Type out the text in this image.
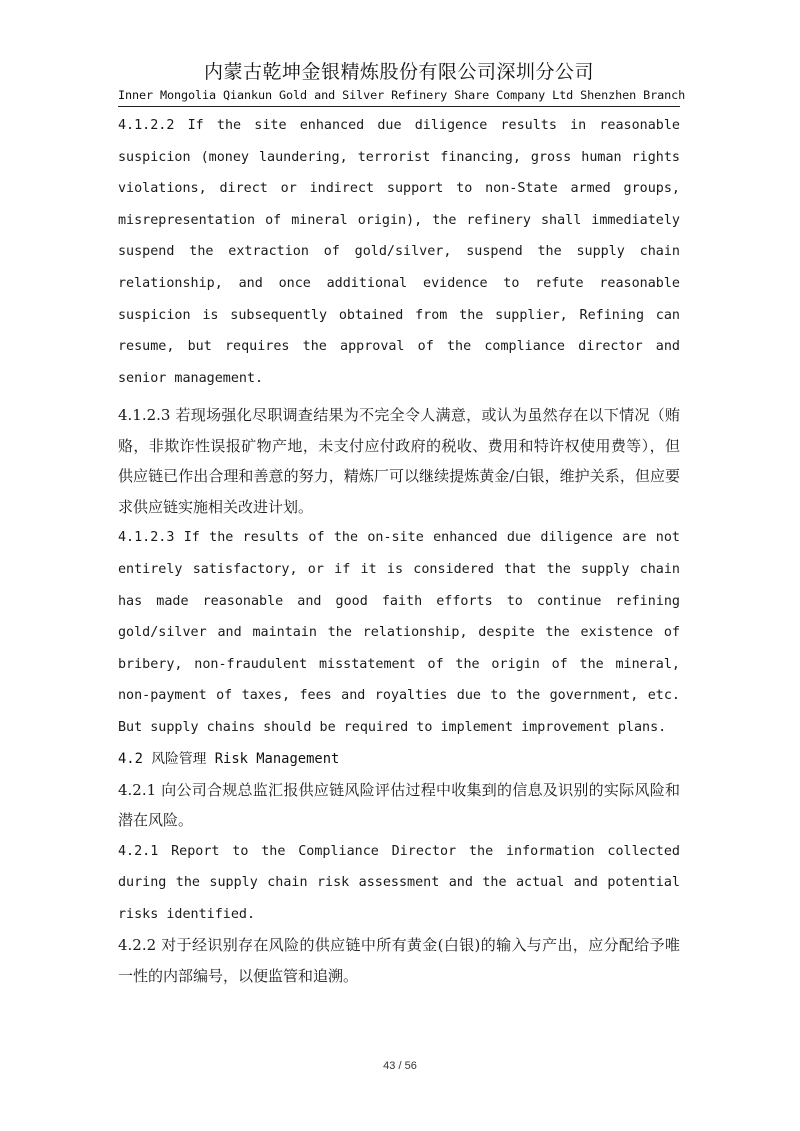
内蒙古乾坤金银精炼股份有限公司深圳分公司
Inner Mongolia Qiankun Gold and Silver Refinery Share Company Ltd Shenzhen Branch

4.1.2.2 If the site enhanced due diligence results in reasonable suspicion (money laundering, terrorist financing, gross human rights violations, direct or indirect support to non-State armed groups, misrepresentation of mineral origin), the refinery shall immediately suspend the extraction of gold/silver, suspend the supply chain relationship, and once additional evidence to refute reasonable suspicion is subsequently obtained from the supplier, Refining can resume, but requires the approval of the compliance director and senior management.

4.1.2.3 若现场强化尽职调查结果为不完全令人满意，或认为虽然存在以下情况（贿赂，非欺诈性误报矿物产地，未支付应付政府的税收、费用和特许权使用费等），但供应链已作出合理和善意的努力，精炼厂可以继续提炼黄金/白银，维护关系，但应要求供应链实施相关改进计划。

4.1.2.3 If the results of the on-site enhanced due diligence are not entirely satisfactory, or if it is considered that the supply chain has made reasonable and good faith efforts to continue refining gold/silver and maintain the relationship, despite the existence of bribery, non-fraudulent misstatement of the origin of the mineral, non-payment of taxes, fees and royalties due to the government, etc. But supply chains should be required to implement improvement plans.

4.2 风险管理 Risk Management

4.2.1 向公司合规总监汇报供应链风险评估过程中收集到的信息及识别的实际风险和潜在风险。

4.2.1 Report to the Compliance Director the information collected during the supply chain risk assessment and the actual and potential risks identified.

4.2.2 对于经识别存在风险的供应链中所有黄金(白银)的输入与产出，应分配给予唯一性的内部编号，以便监管和追溯。

43 / 56
